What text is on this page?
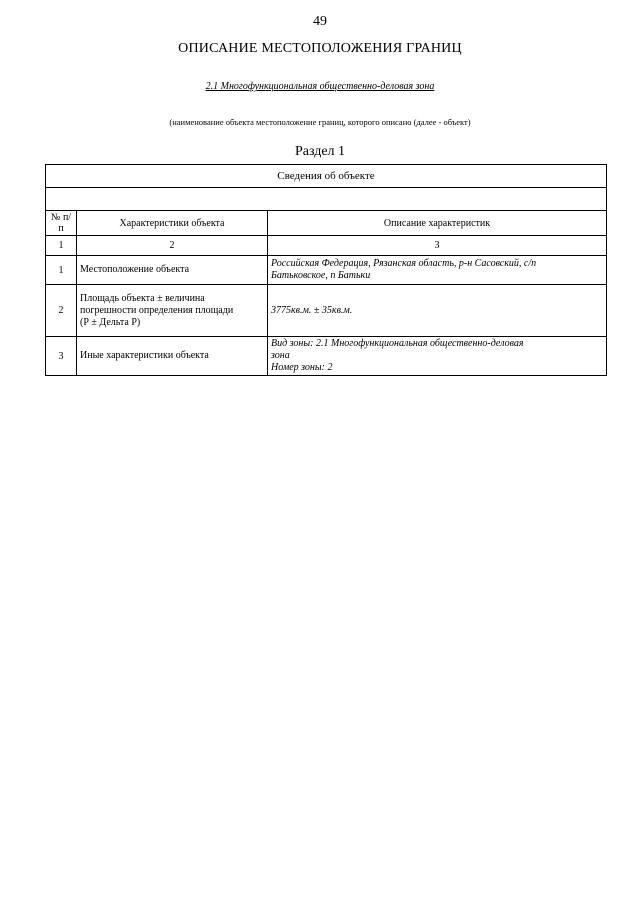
49
ОПИСАНИЕ МЕСТОПОЛОЖЕНИЯ ГРАНИЦ
2.1 Многофункциональная общественно-деловая зона
(наименование объекта местоположение границ, которого описано (далее - объект)
Раздел 1
Сведения об объекте		

№ п/п	Характеристики объекта	Описание характеристик
1	2	3
1	Местоположение объекта	Российская Федерация, Рязанская область, р-н Сасовский, с/п
Батьковское, п Батьки

2	Площадь объекта ± величина
погрешности определения площади
(Р ± Дельта Р)	3775кв.м. ± 35кв.м.

3	Иные характеристики объекта	Вид зоны: 2.1 Многофункциональная общественно-деловая
зона
Номер зоны: 2
